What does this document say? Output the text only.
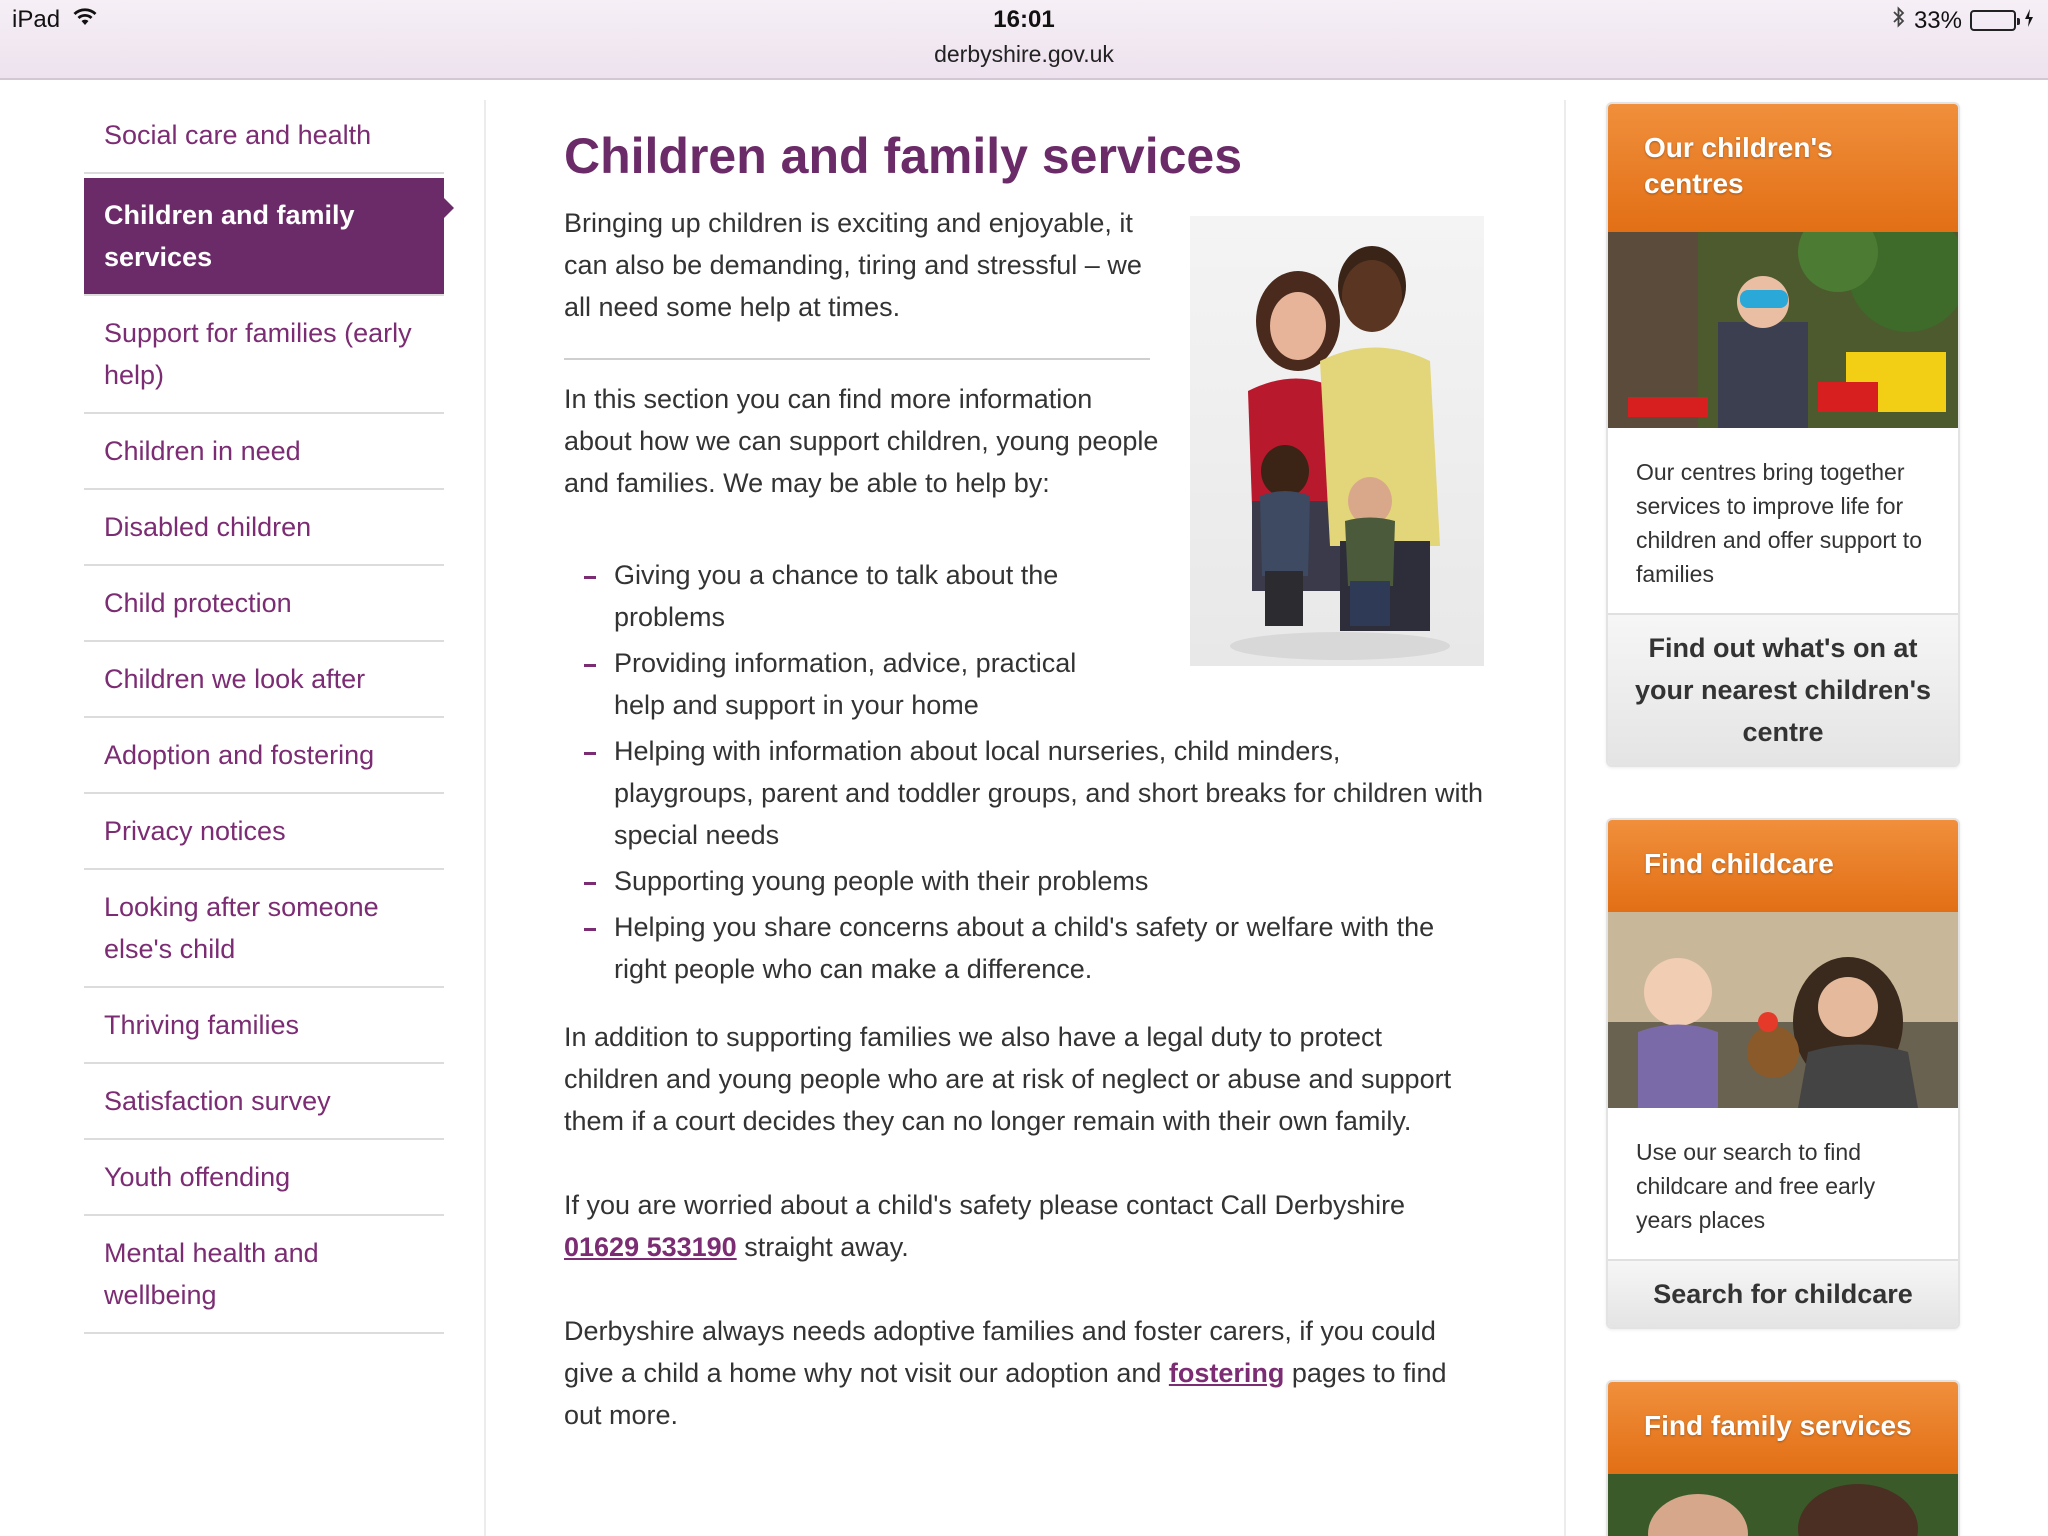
iPad	16:01
derbyshire.gov.uk
33%
Social care and health
Children and family services
Support for families (early help)
Children in need
Disabled children
Child protection
Children we look after
Adoption and fostering
Privacy notices
Looking after someone else's child
Thriving families
Satisfaction survey
Youth offending
Mental health and wellbeing
Children and family services

Bringing up children is exciting and enjoyable, it can also be demanding, tiring and stressful – we all need some help at times.

In this section you can find more information about how we can support children, young people and families. We may be able to help by:

Giving you a chance to talk about the problems
Providing information, advice, practical help and support in your home
Helping with information about local nurseries, child minders, playgroups, parent and toddler groups, and short breaks for children with special needs
Supporting young people with their problems
Helping you share concerns about a child's safety or welfare with the right people who can make a difference.

In addition to supporting families we also have a legal duty to protect children and young people who are at risk of neglect or abuse and support them if a court decides they can no longer remain with their own family.

If you are worried about a child's safety please contact Call Derbyshire 01629 533190 straight away.

Derbyshire always needs adoptive families and foster carers, if you could give a child a home why not visit our adoption and fostering pages to find out more.

Our children's centres

Our centres bring together services to improve life for children and offer support to families

Find out what's on at your nearest children's centre
Find childcare

Use our search to find childcare and free early years places

Search for childcare
Find family services
